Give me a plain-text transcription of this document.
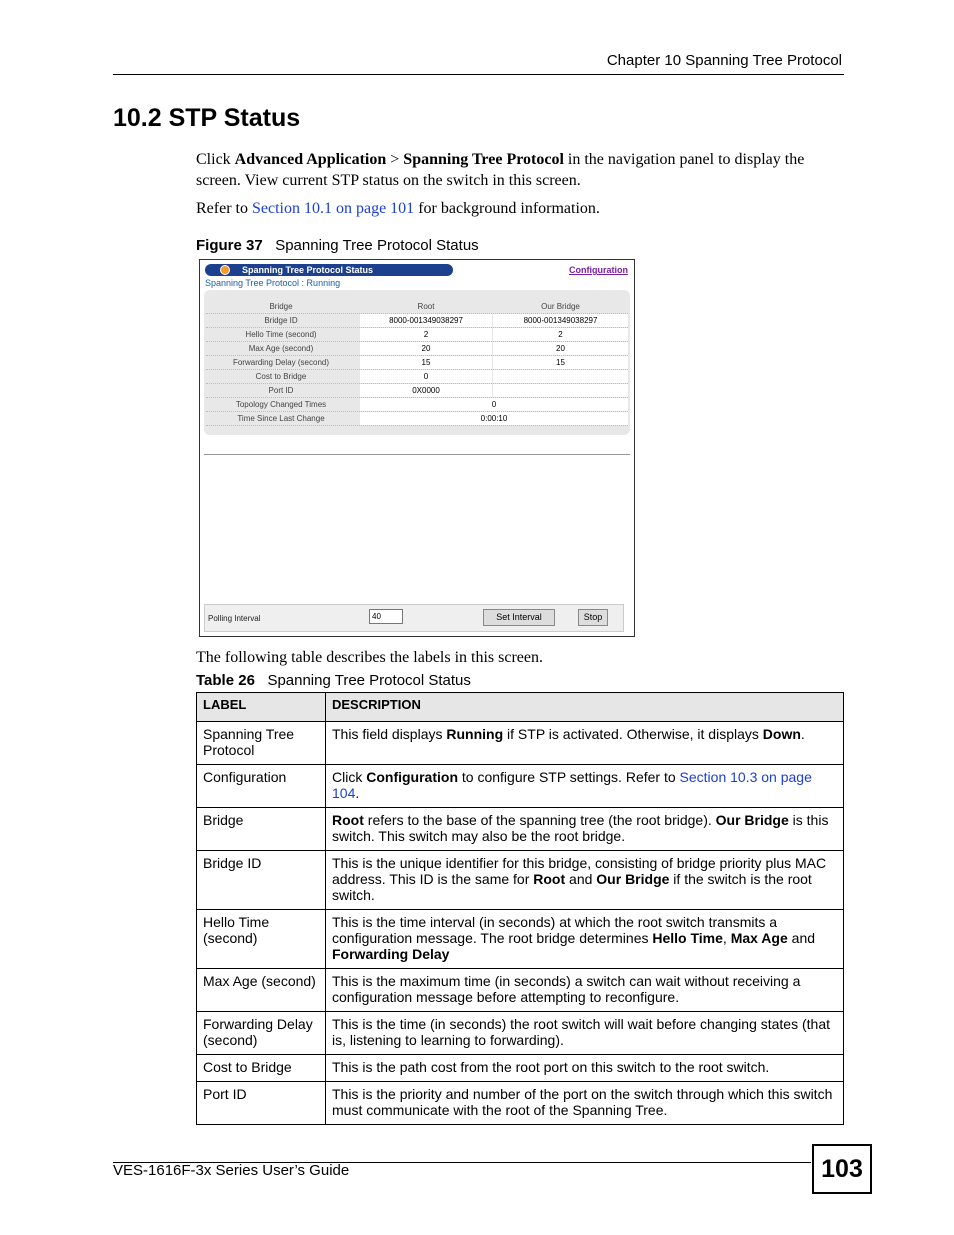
Chapter 10 Spanning Tree Protocol
10.2 STP Status
Click Advanced Application > Spanning Tree Protocol in the navigation panel to display the screen. View current STP status on the switch in this screen.
Refer to Section 10.1 on page 101 for background information.
Figure 37 Spanning Tree Protocol Status
Spanning Tree Protocol Status	Configuration
Spanning Tree Protocol : Running
Bridge	Root	Our Bridge
Bridge ID	8000-001349038297	8000-001349038297
Hello Time (second)	2	2
Max Age (second)	20	20
Forwarding Delay (second)	15	15
Cost to Bridge	0
Port ID	0X0000
Topology Changed Times	0
Time Since Last Change	0:00:10
Polling Interval
40	Set Interval	Stop
The following table describes the labels in this screen.
Table 26 Spanning Tree Protocol Status
LABEL	DESCRIPTION
Spanning Tree Protocol	This field displays Running if STP is activated. Otherwise, it displays Down.
Configuration	Click Configuration to configure STP settings. Refer to Section 10.3 on page 104.
Bridge	Root refers to the base of the spanning tree (the root bridge). Our Bridge is this switch. This switch may also be the root bridge.
Bridge ID	This is the unique identifier for this bridge, consisting of bridge priority plus MAC address. This ID is the same for Root and Our Bridge if the switch is the root switch.
Hello Time (second)	This is the time interval (in seconds) at which the root switch transmits a configuration message. The root bridge determines Hello Time, Max Age and Forwarding Delay
Max Age (second)	This is the maximum time (in seconds) a switch can wait without receiving a configuration message before attempting to reconfigure.
Forwarding Delay (second)	This is the time (in seconds) the root switch will wait before changing states (that is, listening to learning to forwarding).
Cost to Bridge	This is the path cost from the root port on this switch to the root switch.
Port ID	This is the priority and number of the port on the switch through which this switch must communicate with the root of the Spanning Tree.
VES-1616F-3x Series User’s Guide	103
